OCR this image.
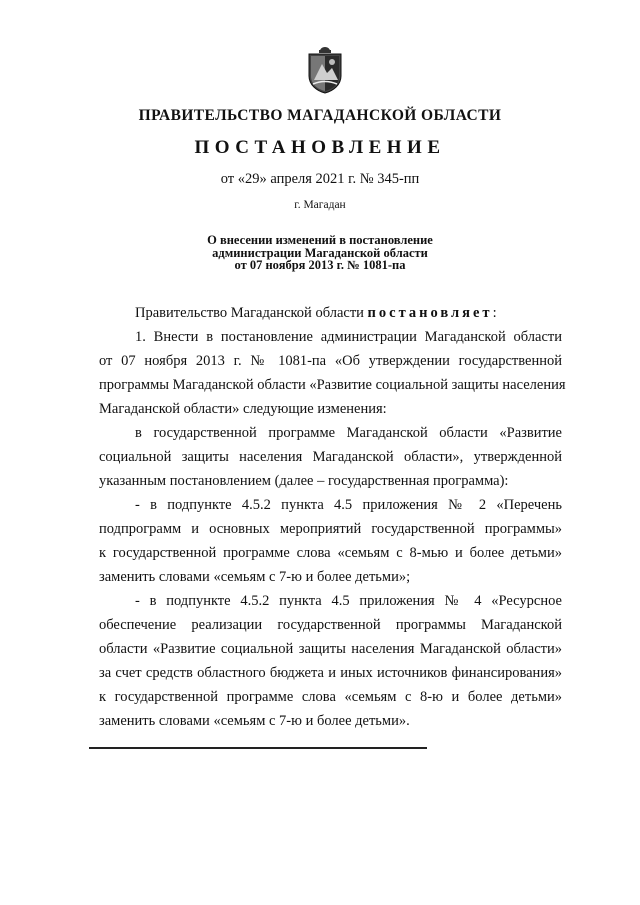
ПРАВИТЕЛЬСТВО МАГАДАНСКОЙ ОБЛАСТИ
ПОСТАНОВЛЕНИЕ
от «29» апреля 2021 г. № 345-пп
г. Магадан
О внесении изменений в постановление
администрации Магаданской области
от 07 ноября 2013 г. № 1081-па
Правительство Магаданской области постановляет:
1. Внести в постановление администрации Магаданской области
от 07 ноября 2013 г. № 1081-па «Об утверждении государственной
программы Магаданской области «Развитие социальной защиты населения
Магаданской области» следующие изменения:
в государственной программе Магаданской области «Развитие
социальной защиты населения Магаданской области», утвержденной
указанным постановлением (далее – государственная программа):
- в подпункте 4.5.2 пункта 4.5 приложения № 2 «Перечень
подпрограмм и основных мероприятий государственной программы»
к государственной программе слова «семьям с 8-мью и более детьми»
заменить словами «семьям с 7-ю и более детьми»;
- в подпункте 4.5.2 пункта 4.5 приложения № 4 «Ресурсное
обеспечение реализации государственной программы Магаданской
области «Развитие социальной защиты населения Магаданской области»
за счет средств областного бюджета и иных источников финансирования»
к государственной программе слова «семьям с 8-ю и более детьми»
заменить словами «семьям с 7-ю и более детьми».
